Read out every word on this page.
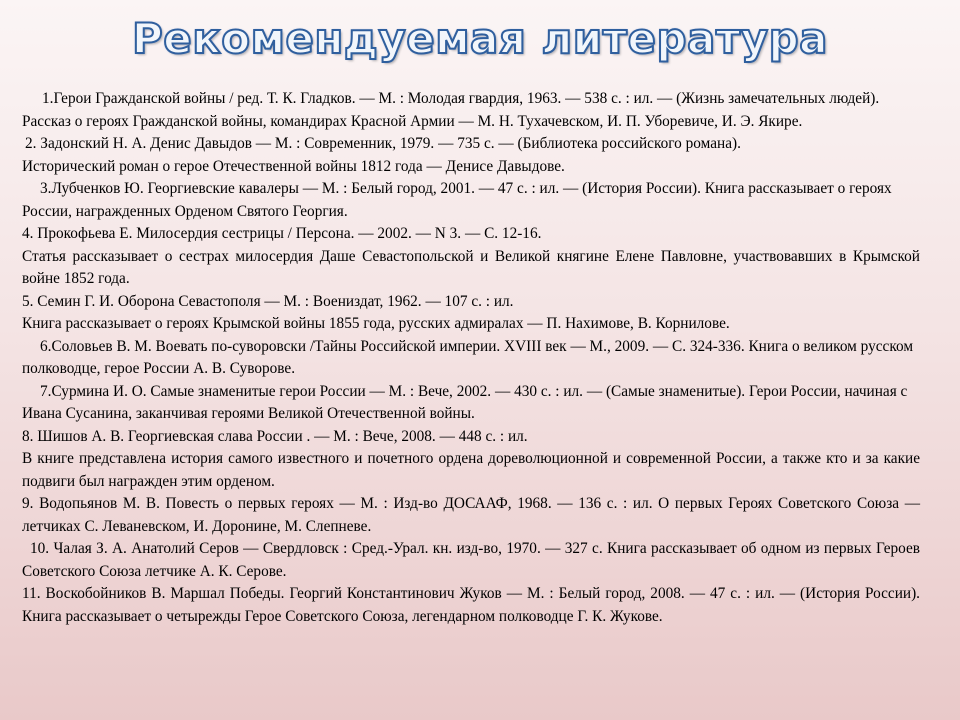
Рекомендуемая литература

1.Герои Гражданской войны / ред. Т. К. Гладков. — М. : Молодая гвардия, 1963. — 538 с. : ил. — (Жизнь замечательных людей).

Рассказ о героях Гражданской войны, командирах Красной Армии — М. Н. Тухачевском, И. П. Уборевиче, И. Э. Якире.

2. Задонский Н. А. Денис Давыдов — М. : Современник, 1979. — 735 с. — (Библиотека российского романа).

Исторический роман о герое Отечественной войны 1812 года — Денисе Давыдове.

3.Лубченков Ю. Георгиевские кавалеры — М. : Белый город, 2001. — 47 с. : ил. — (История России). Книга рассказывает о героях России, награжденных Орденом Святого Георгия.

4. Прокофьева Е. Милосердия сестрицы / Персона. — 2002. — N 3. — С. 12-16.

Статья рассказывает о сестрах милосердия Даше Севастопольской и Великой княгине Елене Павловне, участвовавших в Крымской войне 1852 года.

5. Семин Г. И. Оборона Севастополя — М. : Воениздат, 1962. — 107 с. : ил.

Книга рассказывает о героях Крымской войны 1855 года, русских адмиралах — П. Нахимове, В. Корнилове.

6.Соловьев В. М. Воевать по-суворовски /Тайны Российской империи. XVIII век — М., 2009. — С. 324-336. Книга о великом русском полководце, герое России А. В. Суворове.

7.Сурмина И. О. Самые знаменитые герои России — М. : Вече, 2002. — 430 с. : ил. — (Самые знаменитые). Герои России, начиная с Ивана Сусанина, заканчивая героями Великой Отечественной войны.

8. Шишов А. В. Георгиевская слава России . — М. : Вече, 2008. — 448 с. : ил.

В книге представлена история самого известного и почетного ордена дореволюционной и современной России, а также кто и за какие подвиги был награжден этим орденом.

9. Водопьянов М. В. Повесть о первых героях — М. : Изд-во ДОСААФ, 1968. — 136 с. : ил. О первых Героях Советского Союза — летчиках С. Леваневском, И. Доронине, М. Слепневе.

10. Чалая З. А. Анатолий Серов — Свердловск : Сред.-Урал. кн. изд-во, 1970. — 327 с. Книга рассказывает об одном из первых Героев Советского Союза летчике А. К. Серове.

11. Воскобойников В. Маршал Победы. Георгий Константинович Жуков — М. : Белый город, 2008. — 47 с. : ил. — (История России). Книга рассказывает о четырежды Герое Советского Союза, легендарном полководце Г. К. Жукове.
